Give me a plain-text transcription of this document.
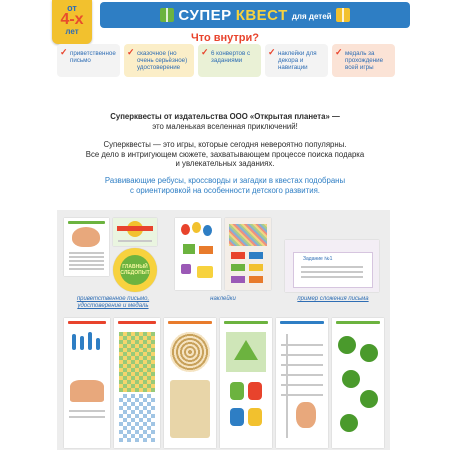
от
4-х
лет
СУПЕР КВЕСТ для детей
Что внутри?
✓ приветственное письмо
✓ сказочное (но очень серьёзное) удостоверение
✓ 6 конвертов с заданиями
✓ наклейки для декора и навигации
✓ медаль за прохождение всей игры
Суперквесты от издательства ООО «Открытая планета» —
это маленькая вселенная приключений!
Суперквесты — это игры, которые сегодня невероятно популярны.
Все дело в интригующем сюжете, захватывающем процессе поиска подарка
и увлекательных заданиях.
Развивающие ребусы, кроссворды и загадки в квестах подобраны
с ориентировкой на особенности детского развития.
ГЛАВНЫЙ СЛЕДОПЫТ
приветственное письмо,
удостоверение и медаль
наклейки
Задание №1
пример сложения письма
